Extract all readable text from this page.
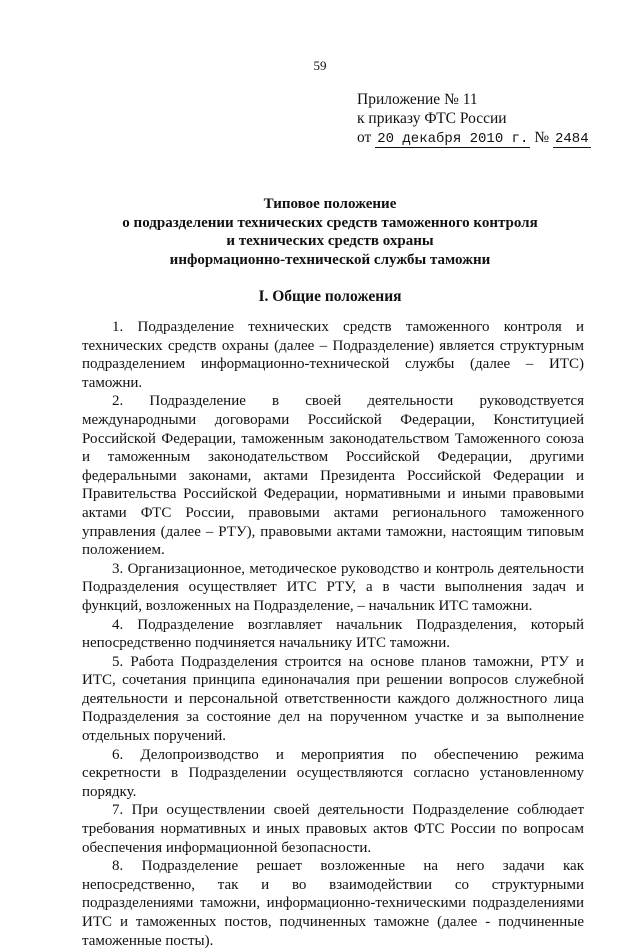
59
Приложение № 11
к приказу ФТС России
от 20 декабря 2010 г. № 2484
Типовое положение
о подразделении технических средств таможенного контроля
и технических средств охраны
информационно-технической службы таможни
I. Общие положения

1. Подразделение технических средств таможенного контроля и технических средств охраны (далее – Подразделение) является структурным подразделением информационно-технической службы (далее – ИТС) таможни.

2. Подразделение в своей деятельности руководствуется международными договорами Российской Федерации, Конституцией Российской Федерации, таможенным законодательством Таможенного союза и таможенным законодательством Российской Федерации, другими федеральными законами, актами Президента Российской Федерации и Правительства Российской Федерации, нормативными и иными правовыми актами ФТС России, правовыми актами регионального таможенного управления (далее – РТУ), правовыми актами таможни, настоящим типовым положением.

3. Организационное, методическое руководство и контроль деятельности Подразделения осуществляет ИТС РТУ, а в части выполнения задач и функций, возложенных на Подразделение, – начальник ИТС таможни.

4. Подразделение возглавляет начальник Подразделения, который непосредственно подчиняется начальнику ИТС таможни.

5. Работа Подразделения строится на основе планов таможни, РТУ и ИТС, сочетания принципа единоначалия при решении вопросов служебной деятельности и персональной ответственности каждого должностного лица Подразделения за состояние дел на порученном участке и за выполнение отдельных поручений.

6. Делопроизводство и мероприятия по обеспечению режима секретности в Подразделении осуществляются согласно установленному порядку.

7. При осуществлении своей деятельности Подразделение соблюдает требования нормативных и иных правовых актов ФТС России по вопросам обеспечения информационной безопасности.

8. Подразделение решает возложенные на него задачи как непосредственно, так и во взаимодействии со структурными подразделениями таможни, информационно-техническими подразделениями ИТС и таможенных постов, подчиненных таможне (далее - подчиненные таможенные посты).
